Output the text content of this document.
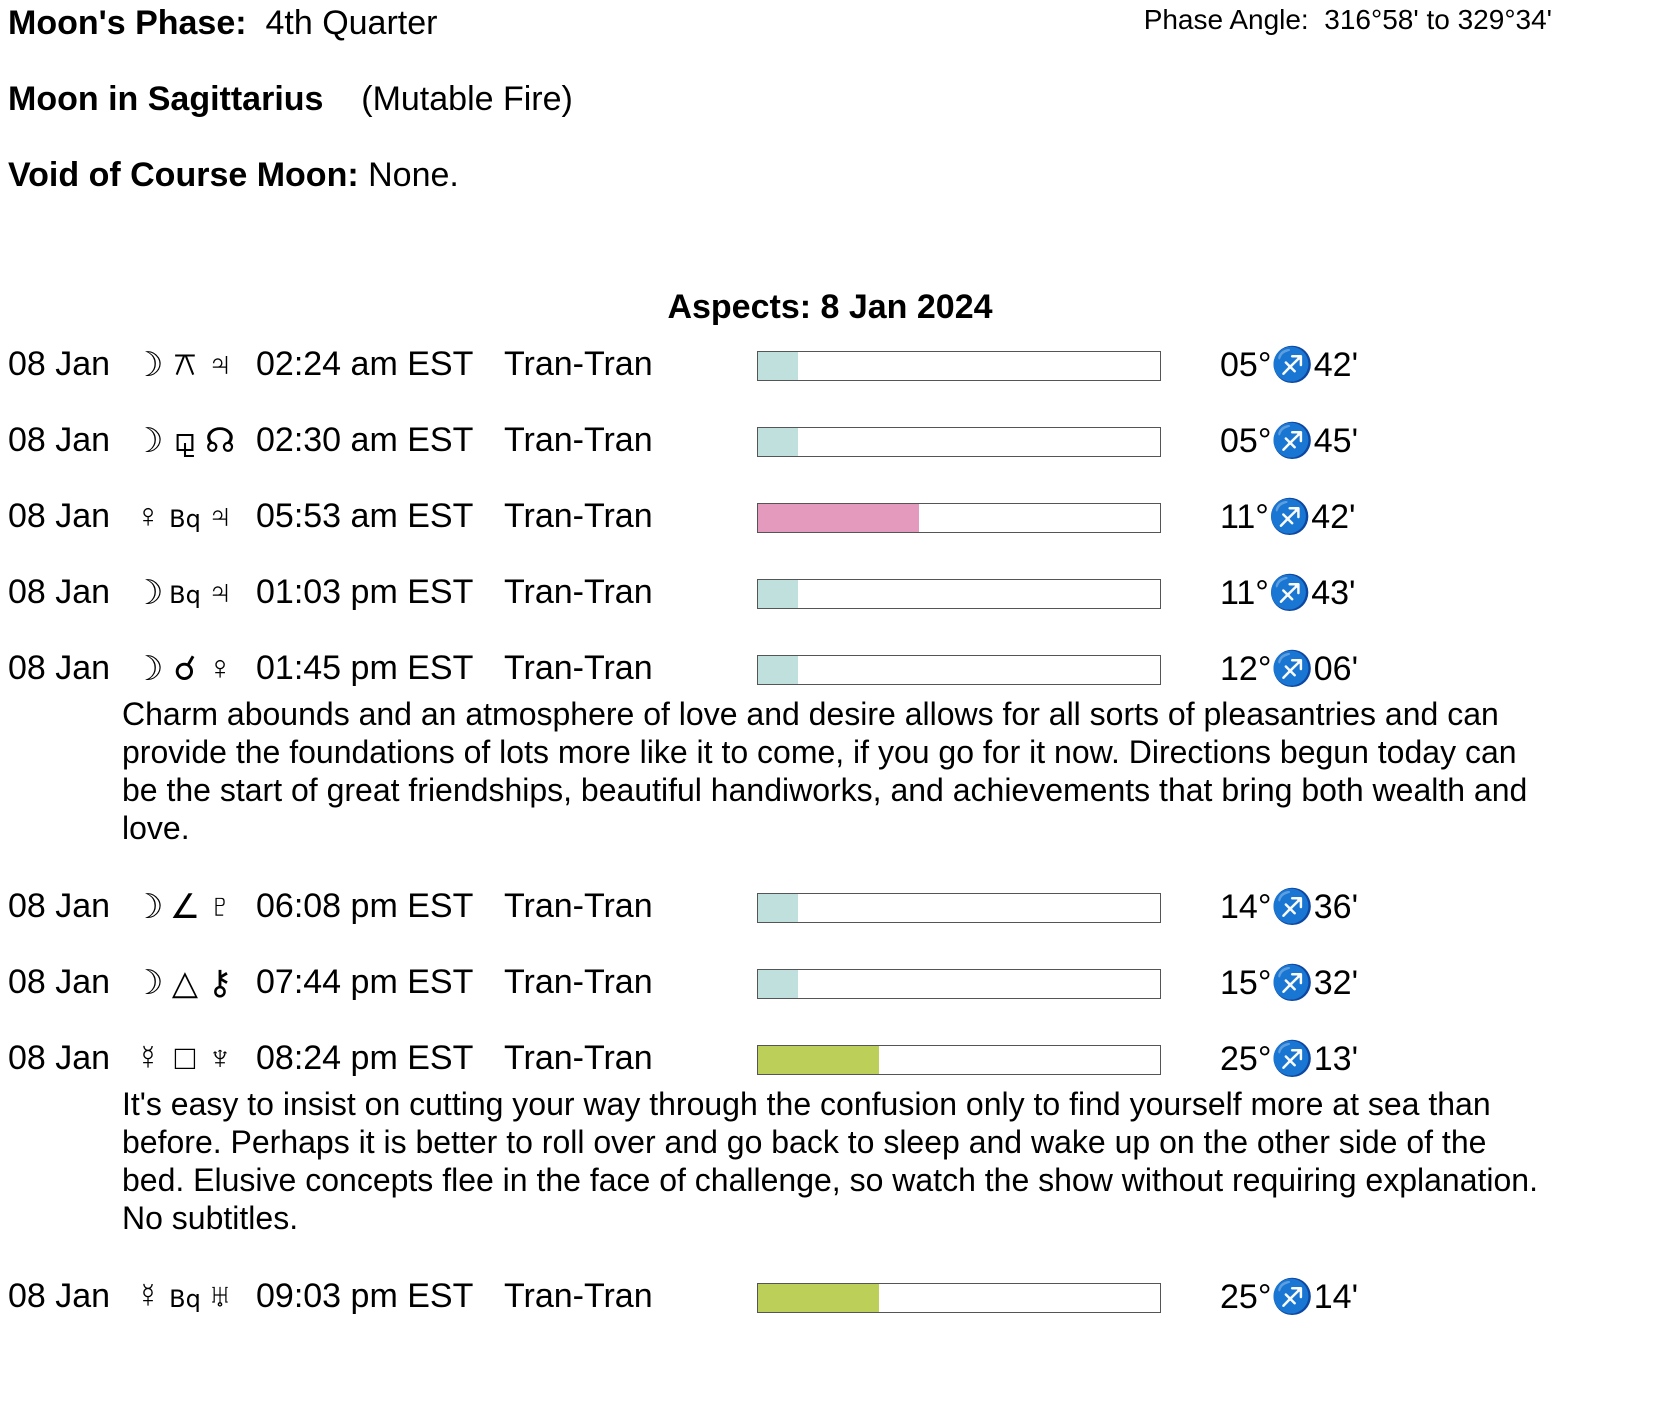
Moon's Phase: 4th Quarter	Phase Angle: 316°58' to 329°34'
Moon in Sagittarius (Mutable Fire)
Void of Course Moon: None.
Aspects: 8 Jan 2024
08 Jan ☽ ⚻ ♃ 02:24 am EST Tran-Tran	05°♐42'
08 Jan ☽ ⚼ ☊ 02:30 am EST Tran-Tran	05°♐45'
08 Jan ♀ Bq ♃ 05:53 am EST Tran-Tran	11°♐42'
08 Jan ☽ Bq ♃ 01:03 pm EST Tran-Tran	11°♐43'
08 Jan ☽ ☌ ♀ 01:45 pm EST Tran-Tran	12°♐06'
Charm abounds and an atmosphere of love and desire allows for all sorts of pleasantries and can provide the foundations of lots more like it to come, if you go for it now. Directions begun today can be the start of great friendships, beautiful handiworks, and achievements that bring both wealth and love.
08 Jan ☽ ∠ ♇ 06:08 pm EST Tran-Tran	14°♐36'
08 Jan ☽ △ ⚷ 07:44 pm EST Tran-Tran	15°♐32'
08 Jan ☿ □ ♆ 08:24 pm EST Tran-Tran	25°♐13'
It's easy to insist on cutting your way through the confusion only to find yourself more at sea than before. Perhaps it is better to roll over and go back to sleep and wake up on the other side of the bed. Elusive concepts flee in the face of challenge, so watch the show without requiring explanation. No subtitles.
08 Jan ☿ Bq ♅ 09:03 pm EST Tran-Tran	25°♐14'
